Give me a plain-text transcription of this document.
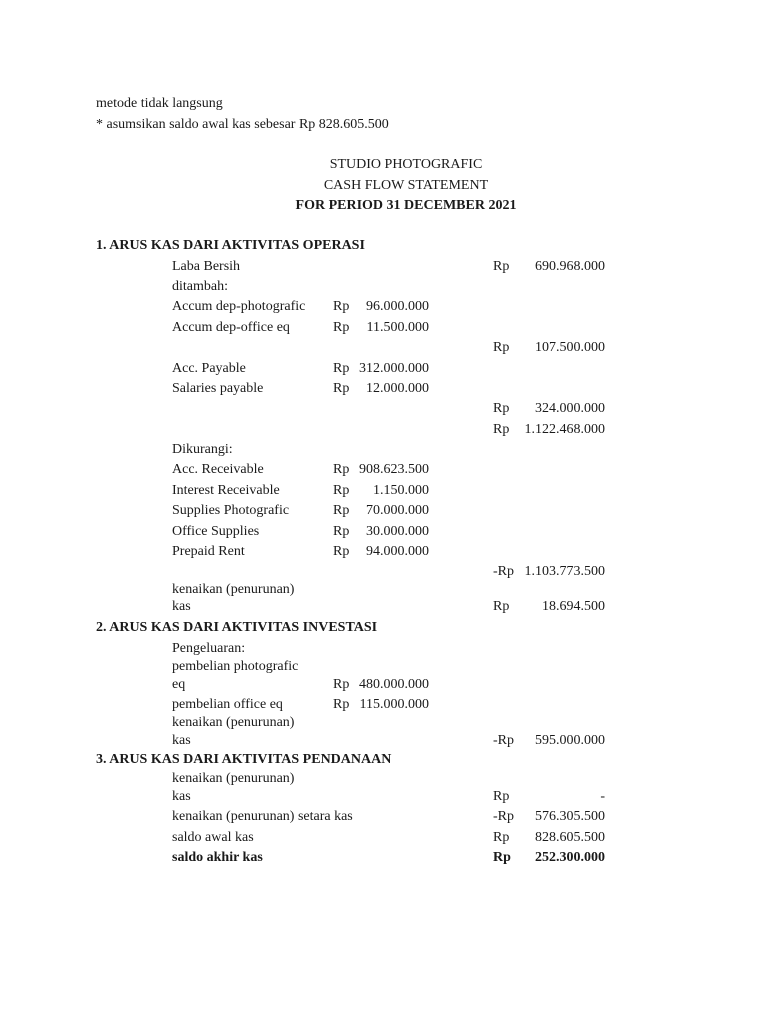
metode tidak langsung
* asumsikan saldo awal kas sebesar Rp 828.605.500
STUDIO PHOTOGRAFIC
CASH FLOW STATEMENT
FOR PERIOD 31 DECEMBER 2021
1. ARUS KAS DARI AKTIVITAS OPERASI
Laba Bersih	Rp 690.968.000
ditambah:
Accum dep-photografic Rp 96.000.000
Accum dep-office eq	Rp 11.500.000
Rp 107.500.000
Acc. Payable	Rp 312.000.000
Salaries payable	Rp 12.000.000
Rp 324.000.000
Rp 1.122.468.000
Dikurangi:
Acc. Receivable	Rp 908.623.500
Interest Receivable	Rp 1.150.000
Supplies Photografic	Rp 70.000.000
Office Supplies	Rp 30.000.000
Prepaid Rent	Rp 94.000.000
-Rp 1.103.773.500
kenaikan (penurunan)
kas	Rp 18.694.500
2. ARUS KAS DARI AKTIVITAS INVESTASI
Pengeluaran:
pembelian photografic
eq	Rp 480.000.000
pembelian office eq	Rp 115.000.000
kenaikan (penurunan)
kas	-Rp 595.000.000
3. ARUS KAS DARI AKTIVITAS PENDANAAN
kenaikan (penurunan)
kas	Rp	-
kenaikan (penurunan) setara kas	-Rp 576.305.500
saldo awal kas	Rp 828.605.500
saldo akhir kas	Rp 252.300.000
